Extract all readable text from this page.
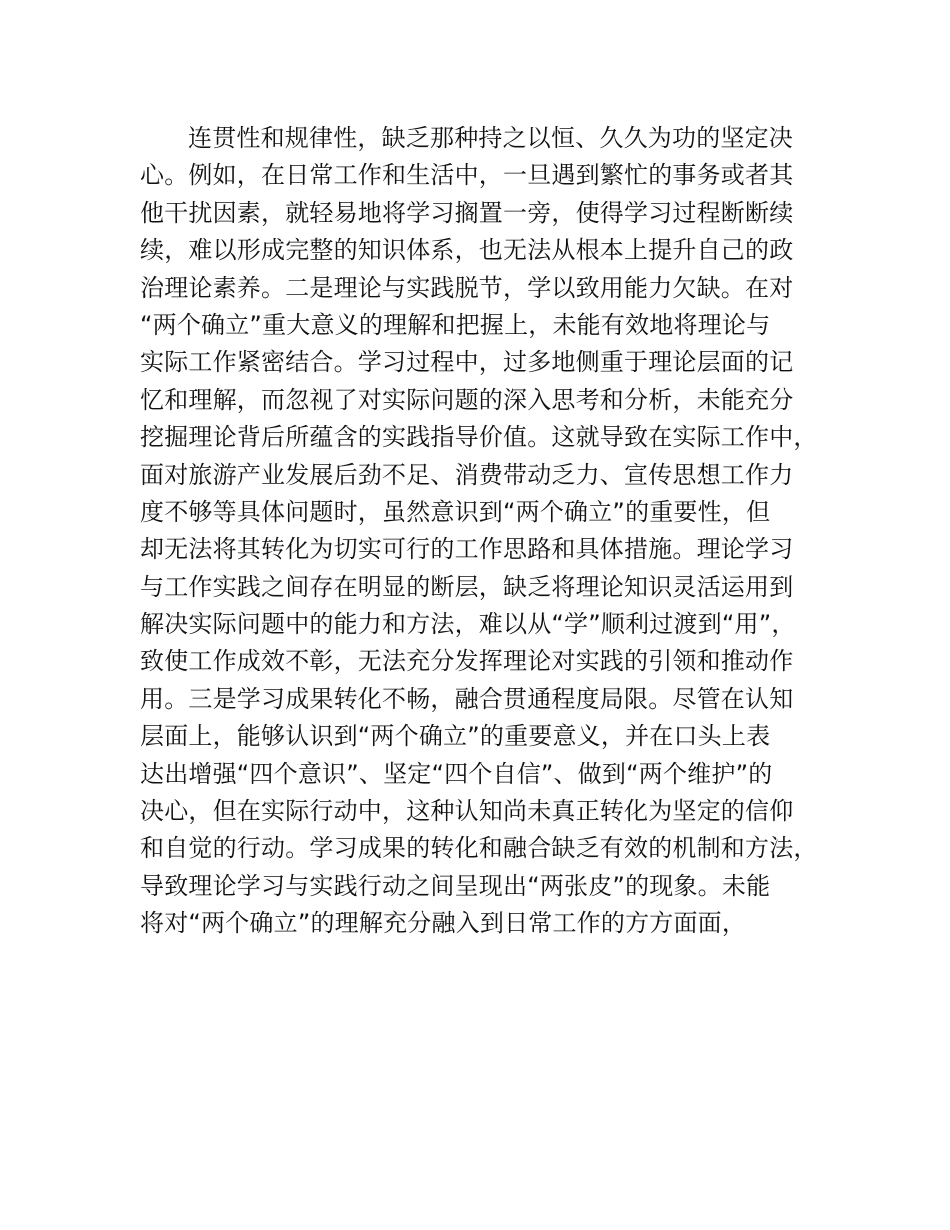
连贯性和规律性，缺乏那种持之以恒、久久为功的坚定决
心。例如，在日常工作和生活中，一旦遇到繁忙的事务或者其
他干扰因素，就轻易地将学习搁置一旁，使得学习过程断断续
续，难以形成完整的知识体系，也无法从根本上提升自己的政
治理论素养。二是理论与实践脱节，学以致用能力欠缺。在对
“两个确立”重大意义的理解和把握上，未能有效地将理论与
实际工作紧密结合。学习过程中，过多地侧重于理论层面的记
忆和理解，而忽视了对实际问题的深入思考和分析，未能充分
挖掘理论背后所蕴含的实践指导价值。这就导致在实际工作中，
面对旅游产业发展后劲不足、消费带动乏力、宣传思想工作力
度不够等具体问题时，虽然意识到“两个确立”的重要性，但
却无法将其转化为切实可行的工作思路和具体措施。理论学习
与工作实践之间存在明显的断层，缺乏将理论知识灵活运用到
解决实际问题中的能力和方法，难以从“学”顺利过渡到“用”，
致使工作成效不彰，无法充分发挥理论对实践的引领和推动作
用。三是学习成果转化不畅，融合贯通程度局限。尽管在认知
层面上，能够认识到“两个确立”的重要意义，并在口头上表
达出增强“四个意识”、坚定“四个自信”、做到“两个维护”的
决心，但在实际行动中，这种认知尚未真正转化为坚定的信仰
和自觉的行动。学习成果的转化和融合缺乏有效的机制和方法，
导致理论学习与实践行动之间呈现出“两张皮”的现象。未能
将对“两个确立”的理解充分融入到日常工作的方方面面，
